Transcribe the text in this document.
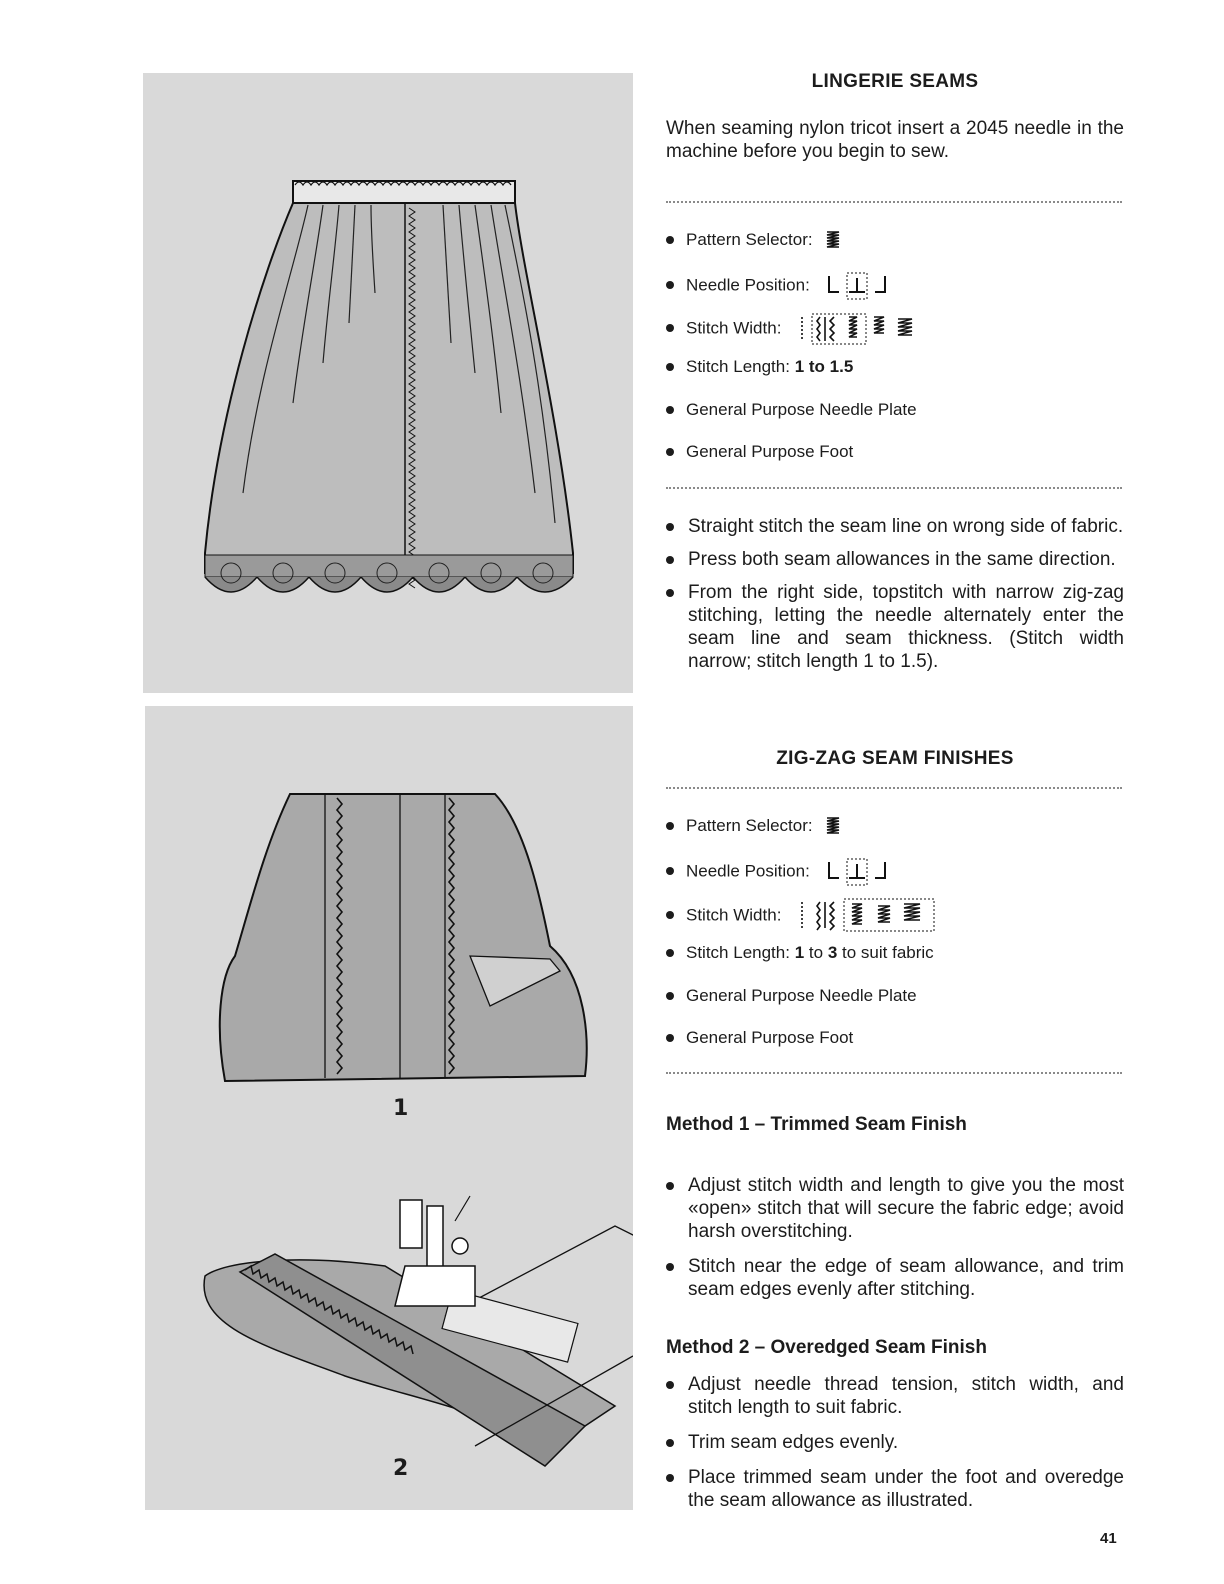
1
2
LINGERIE SEAMS
When seaming nylon tricot insert a 2045 needle in the machine before you begin to sew.
Pattern Selector:
Needle Position:
Stitch Width:
Stitch Length: 1 to 1.5
General Purpose Needle Plate
General Purpose Foot
Straight stitch the seam line on wrong side of fabric.
Press both seam allowances in the same direction.
From the right side, topstitch with narrow zig-zag stitching, letting the needle alternately enter the seam line and seam thickness. (Stitch width narrow; stitch length 1 to 1.5).
ZIG-ZAG SEAM FINISHES
Pattern Selector:
Needle Position:
Stitch Width:
Stitch Length: 1 to 3 to suit fabric
General Purpose Needle Plate
General Purpose Foot
Method 1 – Trimmed Seam Finish
Adjust stitch width and length to give you the most «open» stitch that will secure the fabric edge; avoid harsh overstitching.
Stitch near the edge of seam allowance, and trim seam edges evenly after stitching.
Method 2 – Overedged Seam Finish
Adjust needle thread tension, stitch width, and stitch length to suit fabric.
Trim seam edges evenly.
Place trimmed seam under the foot and overedge the seam allowance as illustrated.
41
